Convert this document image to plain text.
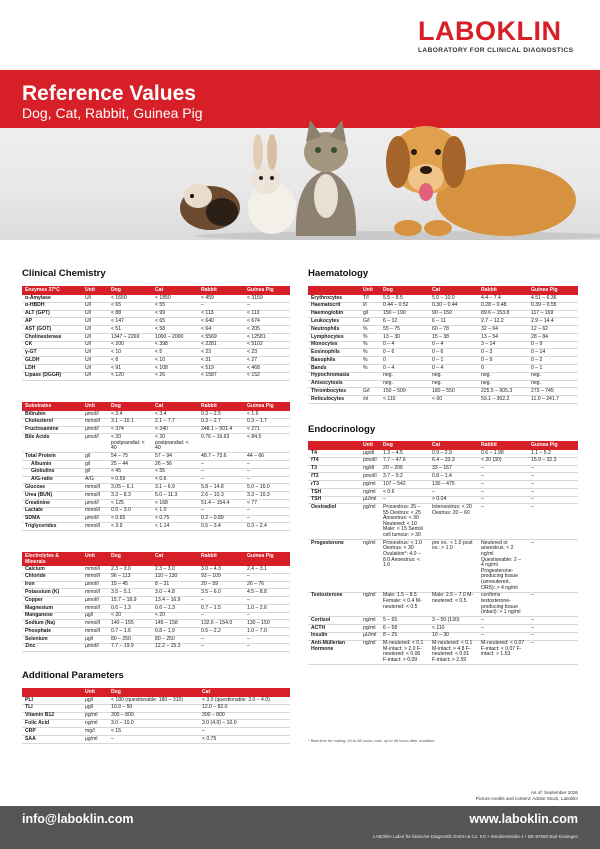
LABOKLIN
LABORATORY FOR CLINICAL DIAGNOSTICS
Reference Values
Dog, Cat, Rabbit, Guinea Pig
Clinical Chemistry
Enzymes 37°C	Unit	Dog	Cat	Rabbit	Guinea Pig
α-Amylase	U/l	< 1650	< 1850	< 459	< 3159
α-HBDH	U/l	< 65	< 55	–	–
ALT (GPT)	U/l	< 88	< 99	< 113	< 113
AP	U/l	< 147	< 65	< 640	< 674
AST (GOT)	U/l	< 51	< 58	< 64	< 205
Cholinesterase	U/l	1347 – 2269	1000 – 2000	< 5569	< 12581
CK	U/l	< 200	< 398	< 2281	< 5102
γ-GT	U/l	< 10	< 5	< 23	< 23
GLDH	U/l	< 8	< 10	< 31	< 27
LDH	U/l	< 91	< 108	< 519	< 468
Lipase (DGGR)	U/l	< 120	< 26	< 1587	< 152
Substrates	Unit	Dog	Cat	Rabbit	Guinea Pig
Bilirubin	µmol/l	< 3.4	< 3.4	0.3 – 2.5	< 1.6
Cholesterol	mmol/l	3.1 – 10.1	2.1 – 7.7	0.3 – 2.7	0.3 – 1.7
Fructosamine	µmol/l	< 374	< 340	248.1 – 501.4	< 271
Bile Acids	µmol/l	< 20 postprandial: < 40	< 20 postprandial: < 40	0.76 – 19.63	< 84.5
Total Protein	g/l	54 – 75	57 – 94	48.7 – 73.6	44 – 66
Albumin	g/l	25 – 44	26 – 56	–	–
Globulins	g/l	< 45	< 55	–	–
A/G-ratio	A/G	< 0.59	< 0.6	–	–
Glucose	mmol/l	3.05 – 6.1	3.1 – 6.9	5.8 – 14.8	5.0 – 16.0
Urea (BUN)	mmol/l	3.3 – 8.3	5.0 – 11.3	2.6 – 10.3	3.3 – 10.3
Creatinine	µmol/l	< 125	< 168	51.4 – 154.4	< 77
Lactate	mmol/l	0.5 – 3.0	< 1.0	–	–
SDMA	µmol/l	< 0.65	< 0.75	0.2 – 0.89	–
Triglycerides	mmol/l	< 3.9	< 1.14	0.5 – 3.4	0.3 – 2.4
Electrolytes & Minerals	Unit	Dog	Cat	Rabbit	Guinea Pig
Calcium	mmol/l	2.3 – 3.0	2.3 – 3.0	3.0 – 4.3	2.4 – 3.1
Chloride	mmol/l	96 – 113	110 – 130	93 – 109	–
Iron	µmol/l	15 – 45	8 – 31	20 – 59	26 – 76
Potassium (K)	mmol/l	3.5 – 5.1	3.0 – 4.8	3.5 – 6.0	4.5 – 8.8
Copper	µmol/l	15.7 – 18.9	13.4 – 16.9	–	–
Magnesium	mmol/l	0.6 – 1.3	0.6 – 1.3	0.7 – 1.5	1.0 – 2.6
Manganese	µg/l	< 20	< 20	–	–
Sodium (Na)	mmol/l	140 – 155	145 – 158	132.6 – 154.0	130 – 150
Phosphate	mmol/l	0.7 – 1.6	0.8 – 1.9	0.5 – 2.2	1.0 – 7.0
Selenium	µg/l	80 – 250	80 – 250	–	–
Zinc	µmol/l	7.7 – 19.9	12.2 – 15.3	–	–
Additional Parameters
	Unit	Dog	Cat
PLI	µg/l	< 180 (questionable: 180 – 310)	< 3.0 (questionable: 3.0 – 4.0)
TLI	µg/l	10.9 – 50	12.0 – 82.0
Vitamin B12	pg/ml	300 – 800	300 – 800
Folic Acid	ng/ml	3.0 – 10.0	3.0 (4.0) – 10.0
CRP	mg/l	< 15	–
SAA	µg/ml	–	< 0.75
Haematology
	Unit	Dog	Cat	Rabbit	Guinea Pig
Erythrocytes	T/l	5.5 – 8.5	5.0 – 10.0	4.4 – 7.4	4.51 – 6.36
Haematocrit	l/l	0.44 – 0.52	0.30 – 0.44	0.28 – 0.48	0.39 – 0.55
Haemoglobin	g/l	150 – 190	90 – 150	89.6 – 153.8	117 – 169
Leukocytes	G/l	6 – 12	6 – 11	2.7 – 12.2	2.9 – 14.4
Neutrophils	%	55 – 75	60 – 78	32 – 64	12 – 62
Lymphocytes	%	13 – 30	15 – 38	13 – 54	28 – 84
Monocytes	%	0 – 4	0 – 4	3 – 14	0 – 9
Eosinophils	%	0 – 6	0 – 6	0 – 3	0 – 14
Basophils	%	0	0 – 1	0 – 9	0 – 2
Bands	%	0 – 4	0 – 4	0	0 – 1
Hypochromasia		neg.	neg.	neg.	neg.
Anisocytosis		neg.	neg.	neg.	neg.
Thrombocytes	G/l	150 – 500	180 – 550	225.5 – 905.3	273 – 745
Reticulocytes	/nl	< 110	< 60	59.1 – 302.2	11.0 – 241.7
Endocrinology
	Unit	Dog	Cat	Rabbit	Guinea Pig
T4	µg/dl	1.3 – 4.5	0.9 – 2.9	0.6 – 1.98	1.1 – 5.2
fT4	pmol/l	7.7 – 47.6	6.4 – 33.3	< 20 (30)	15.9 – 32.3
T3	ng/dl	20 – 206	33 – 167	–	–
fT3	pmol/l	3.7 – 9.2	0.8 – 1.4	–	–
rT3	pg/ml	107 – 542	130 – 475	–	–
TSH	ng/ml	< 0.6	–	–	–
TSH	µU/ml	–	> 0.04	–	–
Oestradiol	pg/ml	Prooestrus: 25 – 55 Oestrus: < 25 Anoestrus: < 30 Neutered: < 10 Male: < 15 Sertoli cell tumour: > 30	Interoestrus: < 20 Oestrus: 20 – 60	–	–
Progesterone	ng/ml	Prooestrus: < 1.0 Oestrus: < 30 Ovulation*: 4.0 – 8.0 Anoestrus: < 1.0	pre ov.: < 1.0 post ov.: > 1.0	Neutered or anoestrus: < 2 ng/ml Questionable: 2 – 4 ng/ml Progesterone-producing tissue (unneutered, ORS): > 4 ng/ml	–
Testosterone	ng/ml	Male: 1.5 – 8.5 Female: < 0.4 M-neutered: < 0.5	Male: 2.5 – 7.0 M-neutered: < 0.5	confirms testosterone-producing tissue (intact): > 1 ng/ml	–
Cortisol	ng/ml	5 – 65	3 – 50 (130)	–	–
ACTH	pg/ml	6 – 58	< 110	–	–
Insulin	µU/ml	8 – 25	10 – 30	–	–
Anti-Müllerian Hormone	ng/ml	M-neutered: < 0.1 M-intact: > 2.0 F-neutered: < 0.06 F-intact: > 0.09	M-neutered: < 0.1 M-intact: > 4.8 F-neutered: < 0.01 F-intact: > 2.59	M-neutered: < 0.07 F-intact: < 0.07 F-intact: > 1.53	–
* Best time for mating: 24 to 48 hours, max. up to 96 hours after ovulation.
As of: September 2026
Picture credits and content: Adobe Stock, Laboklin
info@laboklin.com	www.laboklin.com
LABOklin Labor für klinische Diagnostik GmbH & Co. KG • Steubenstraße 4 • DE-97688 Bad Kissingen
